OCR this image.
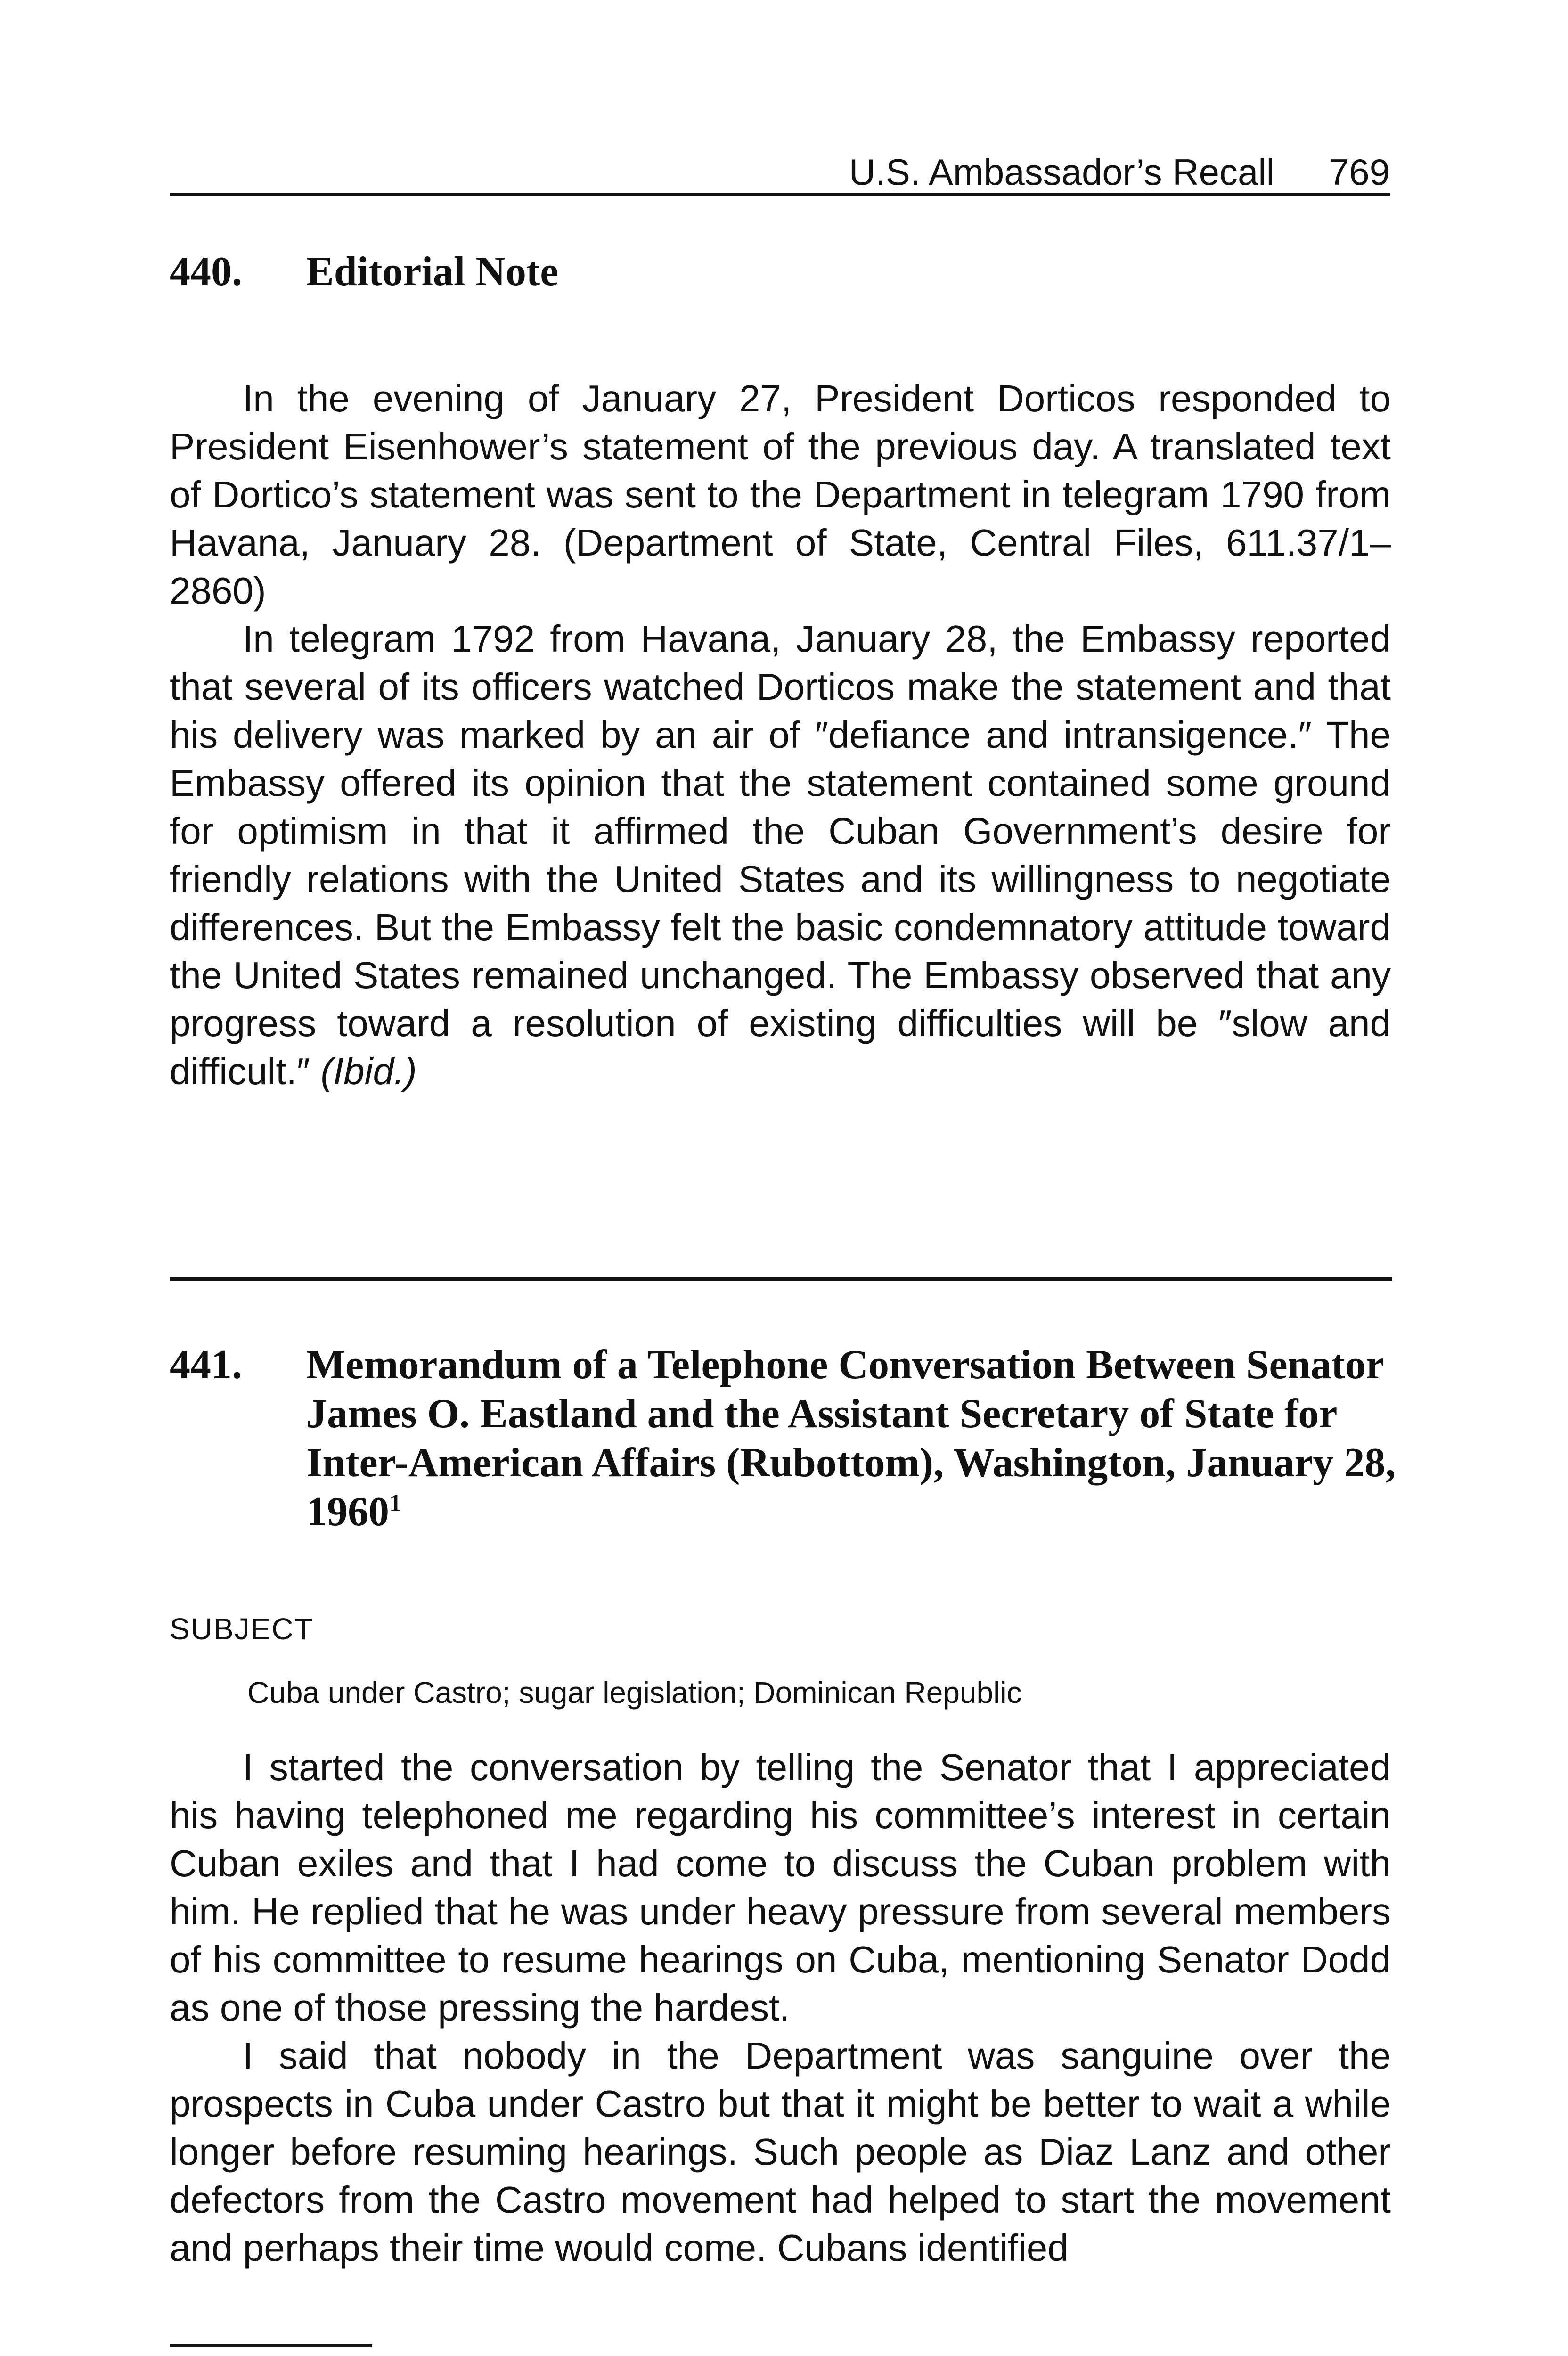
U.S. Ambassador’s Recall 769
440. Editorial Note

In the evening of January 27, President Dorticos responded to President Eisenhower’s statement of the previous day. A translated text of Dortico’s statement was sent to the Department in telegram 1790 from Havana, January 28. (Department of State, Central Files, 611.37/1–2860)

In telegram 1792 from Havana, January 28, the Embassy reported that several of its officers watched Dorticos make the statement and that his delivery was marked by an air of ″defiance and intransigence.″ The Embassy offered its opinion that the statement contained some ground for optimism in that it affirmed the Cuban Government’s desire for friendly relations with the United States and its willingness to negotiate differences. But the Embassy felt the basic condemnatory attitude toward the United States remained unchanged. The Embassy observed that any progress toward a resolution of existing difficulties will be ″slow and difficult.″ (Ibid.)

441. Memorandum of a Telephone Conversation Between Senator James O. Eastland and the Assistant Secretary of State for Inter-American Affairs (Rubottom), Washington, January 28, 1960$^1$
SUBJECT
Cuba under Castro; sugar legislation; Dominican Republic

I started the conversation by telling the Senator that I appreciated his having telephoned me regarding his committee’s interest in certain Cuban exiles and that I had come to discuss the Cuban problem with him. He replied that he was under heavy pressure from several members of his committee to resume hearings on Cuba, mentioning Senator Dodd as one of those pressing the hardest.

I said that nobody in the Department was sanguine over the prospects in Cuba under Castro but that it might be better to wait a while longer before resuming hearings. Such people as Diaz Lanz and other defectors from the Castro movement had helped to start the movement and perhaps their time would come. Cubans identified
